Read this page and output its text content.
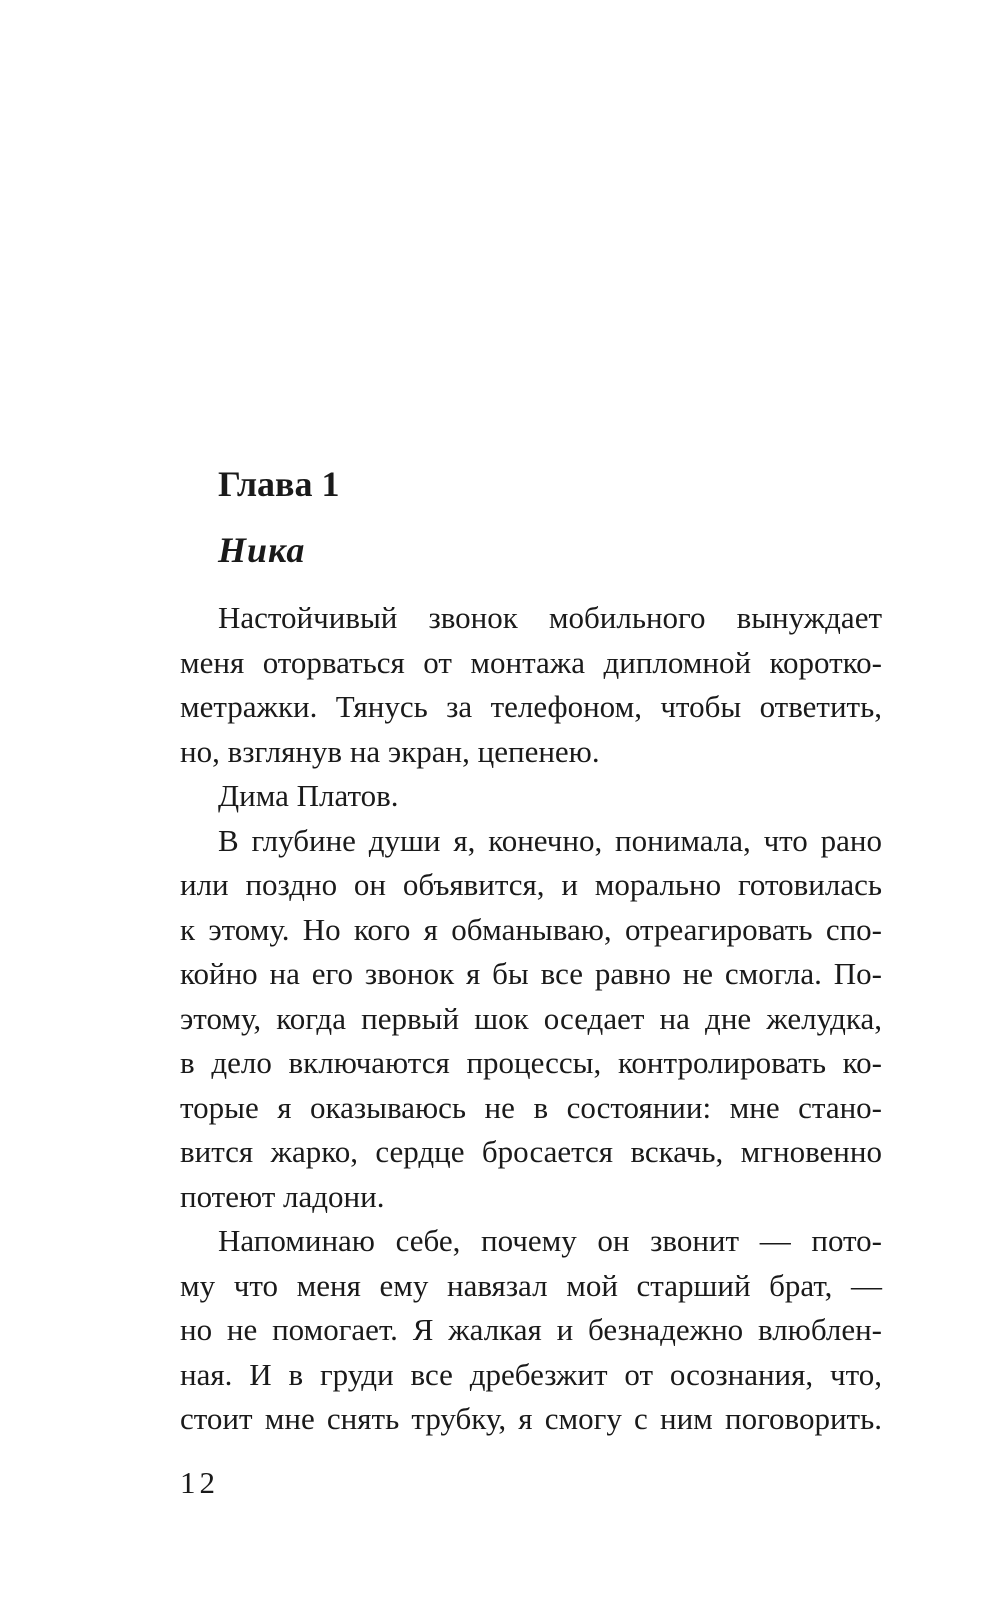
Глава 1
Ника
Настойчивый звонок мобильного вынуждает
меня оторваться от монтажа дипломной коротко-
метражки. Тянусь за телефоном, чтобы ответить,
но, взглянув на экран, цепенею.
Дима Платов.
В глубине души я, конечно, понимала, что рано
или поздно он объявится, и морально готовилась
к этому. Но кого я обманываю, отреагировать спо-
койно на его звонок я бы все равно не смогла. По-
этому, когда первый шок оседает на дне желудка,
в дело включаются процессы, контролировать ко-
торые я оказываюсь не в состоянии: мне стано-
вится жарко, сердце бросается вскачь, мгновенно
потеют ладони.
Напоминаю себе, почему он звонит — пото-
му что меня ему навязал мой старший брат, —
но не помогает. Я жалкая и безнадежно влюблен-
ная. И в груди все дребезжит от осознания, что,
стоит мне снять трубку, я смогу с ним поговорить.
12
